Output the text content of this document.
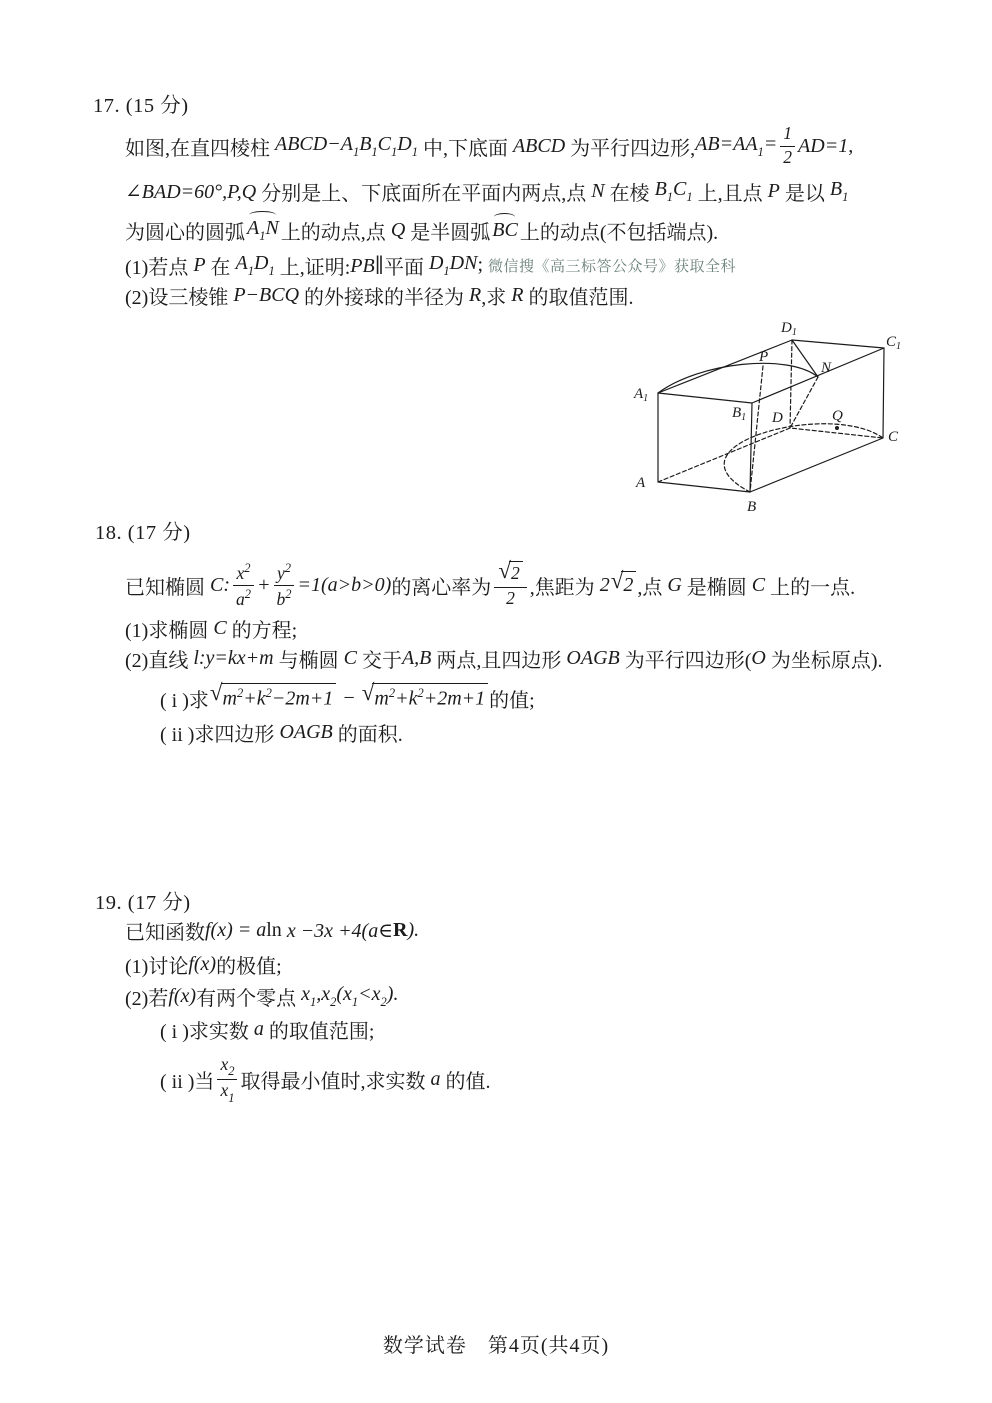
17. (15 分)
如图,在直四棱柱 $ABCD-A_1B_1C_1D_1$ 中,下底面 ABCD 为平行四边形, $AB=AA_1= \frac{1}{2} AD=1$,
∠BAD=60°,P,Q 分别是上、下底面所在平面内两点,点 N 在棱 $B_1C_1$ 上,且点 P 是以 $B_1$
为圆心的圆弧 $A_1N$ 上的动点,点 Q 是半圆弧 BC 上的动点(不包括端点).
(1)若点 P 在 $A_1D_1$ 上,证明: PB∥ 平面 $D_1DN$ ; 微信搜《高三标答公众号》获取全科
(2)设三棱锥 P−BCQ 的外接球的半径为 R ,求 R 的取值范围.
$A_1$
$D_1$
$C_1$
P
N
$B_1$ D	Q
C
A
B
18. (17 分)
已知椭圆 C: $\frac{x^2}{a^2} + \frac{y^2}{b^2} =1(a>b>0)$ 的离心率为 $\frac{√ 2}{2}$ ,焦距为 2 √ 2 ,点 G 是椭圆 C 上的一点.
(1)求椭圆 C 的方程;
(2)直线 l:y=kx+m 与椭圆 C 交于 A,B 两点,且四边形 OAGB 为平行四边形( O 为坐标原点).
( i )求 √ $m^2+k^2-2m+1$ − √ $m^2+k^2+2m+1$ 的值;
( ii )求四边形 OAGB 的面积.
19. (17 分)
已知函数 f(x) = a ln x −3x +4(a∈ R ).
(1)讨论 f(x) 的极值;
(2)若 f(x) 有两个零点 $x_1,x_2(x_1<x_2)$.
( i )求实数 a 的取值范围;
( ii )当 $\frac{x_2}{x_1}$ 取得最小值时,求实数 a 的值.
数学试卷
　 第4页(共4页)
